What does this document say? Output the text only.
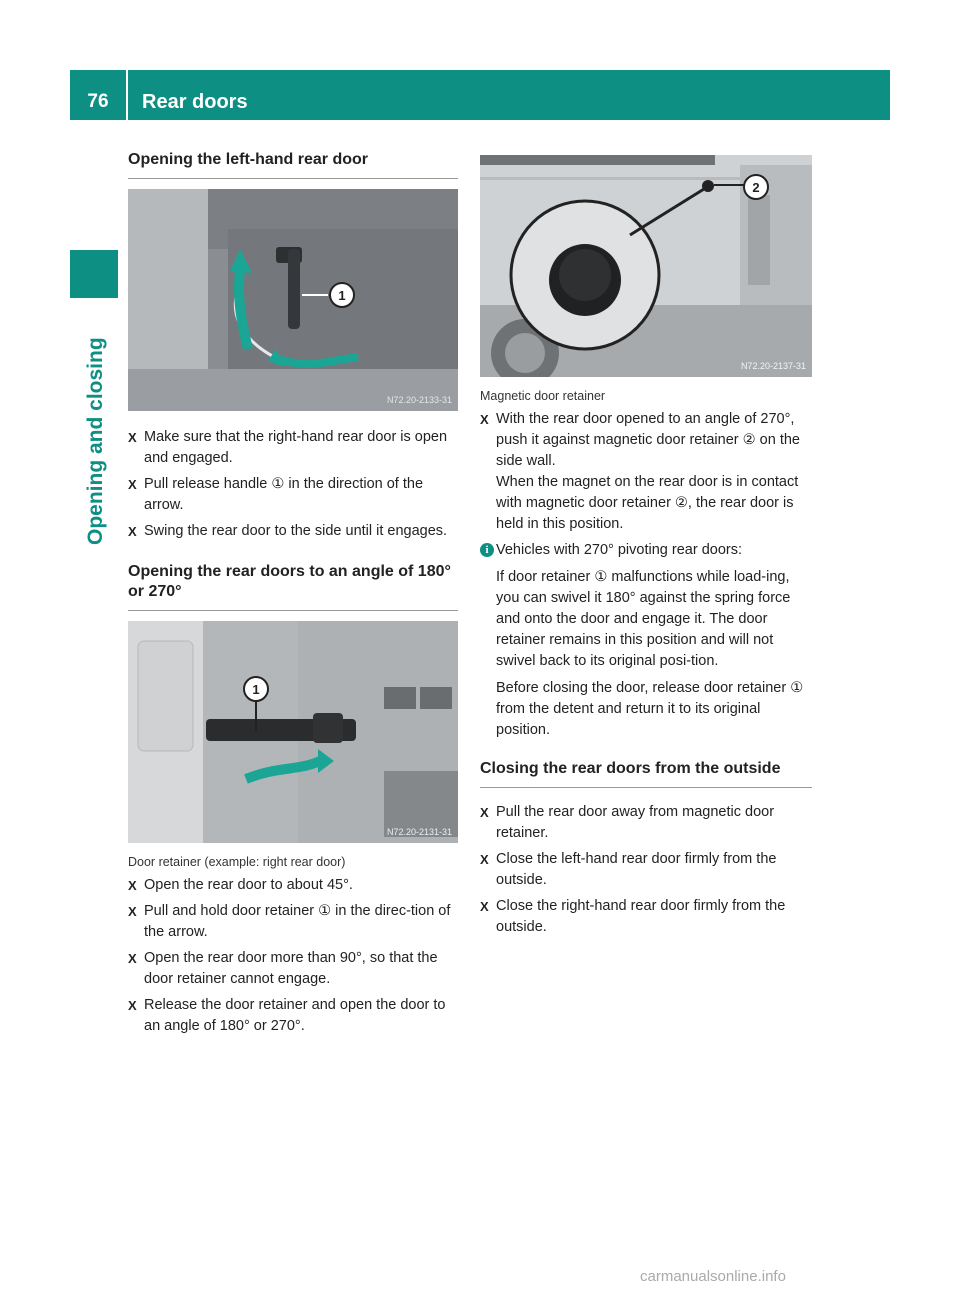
76	Rear doors
Opening and closing
Opening the left-hand rear door
1
N72.20-2133-31
X Make sure that the right-hand rear door is open and engaged.
X Pull release handle ① in the direction of the arrow.
X Swing the rear door to the side until it engages.
Opening the rear doors to an angle of 180° or 270°
1
N72.20-2131-31
Door retainer (example: right rear door)
X Open the rear door to about 45°.
X Pull and hold door retainer ① in the direc-tion of the arrow.
X Open the rear door more than 90°, so that the door retainer cannot engage.
X Release the door retainer and open the door to an angle of 180° or 270°.
2
N72.20-2137-31
Magnetic door retainer
X With the rear door opened to an angle of 270°, push it against magnetic door retainer ② on the side wall.
When the magnet on the rear door is in contact with magnetic door retainer ②, the rear door is held in this position.
i Vehicles with 270° pivoting rear doors:

If door retainer ① malfunctions while load-ing, you can swivel it 180° against the spring force and onto the door and engage it. The door retainer remains in this position and will not swivel back to its original posi-tion.

Before closing the door, release door retainer ① from the detent and return it to its original position.

Closing the rear doors from the outside
X Pull the rear door away from magnetic door retainer.
X Close the left-hand rear door firmly from the outside.
X Close the right-hand rear door firmly from the outside.
carmanualsonline.info
